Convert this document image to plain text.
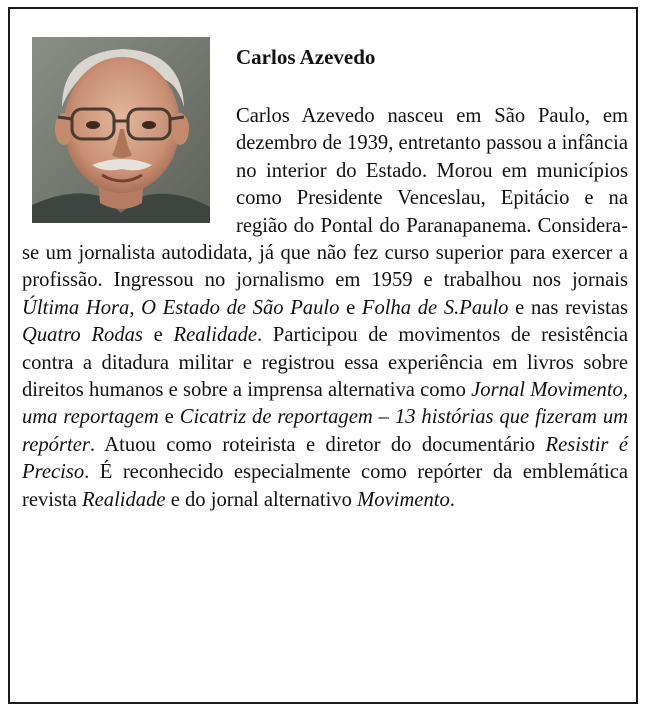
Carlos Azevedo

Carlos Azevedo nasceu em São Paulo, em dezembro de 1939, entretanto passou a infância no interior do Estado. Morou em municípios como Presidente Venceslau, Epitácio e na região do Pontal do Paranapanema. Considera-se um jornalista autodidata, já que não fez curso superior para exercer a profissão. Ingressou no jornalismo em 1959 e trabalhou nos jornais Última Hora, O Estado de São Paulo e Folha de S.Paulo e nas revistas Quatro Rodas e Realidade. Participou de movimentos de resistência contra a ditadura militar e registrou essa experiência em livros sobre direitos humanos e sobre a imprensa alternativa como Jornal Movimento, uma reportagem e Cicatriz de reportagem – 13 histórias que fizeram um repórter. Atuou como roteirista e diretor do documentário Resistir é Preciso. É reconhecido especialmente como repórter da emblemática revista Realidade e do jornal alternativo Movimento.
